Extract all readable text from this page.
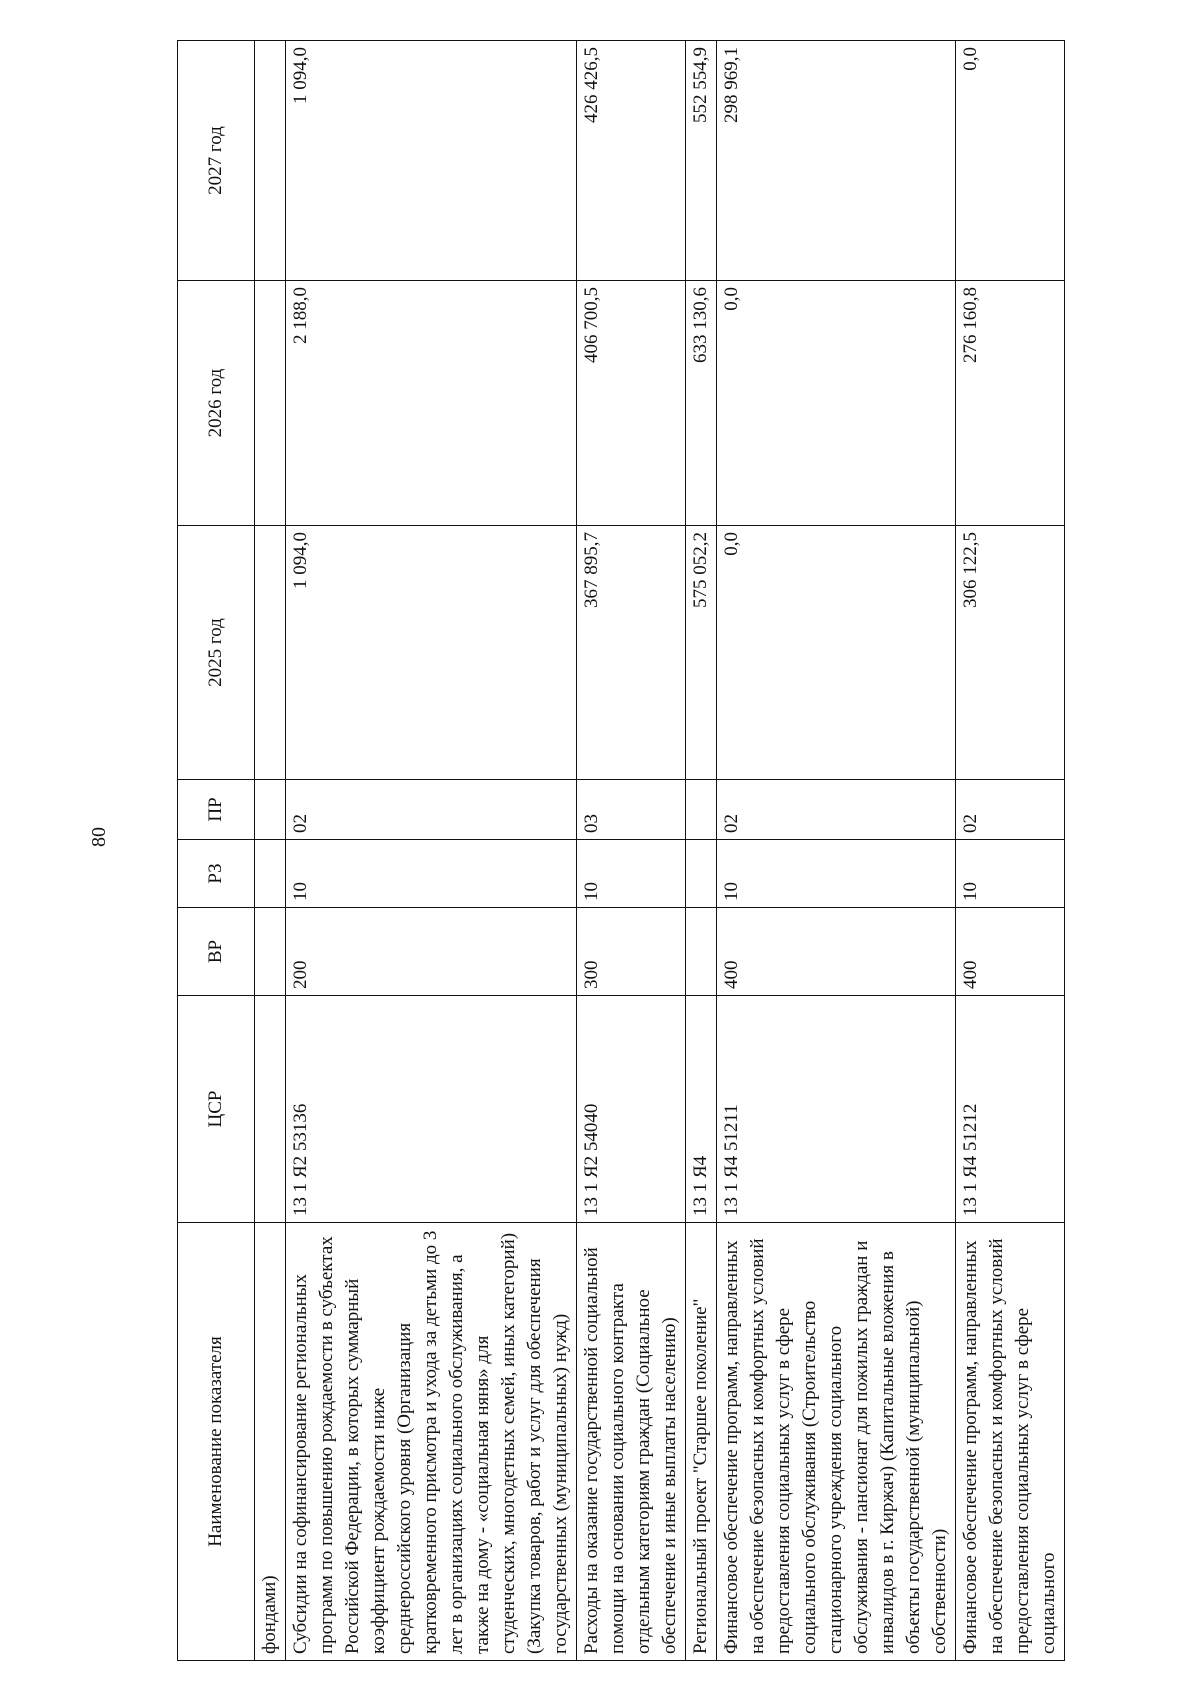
80
Наименование показателя	ЦСР	ВР	РЗ	ПР	2025 год	2026 год	2027 год
фондами)							
Субсидии на софинансирование региональных программ по повышению рождаемости в субъектах Российской Федерации, в которых суммарный коэффициент рождаемости ниже среднероссийского уровня (Организация кратковременного присмотра и ухода за детьми до 3 лет в организациях социального обслуживания, а также на дому - «социальная няня» для студенческих, многодетных семей, иных категорий) (Закупка товаров, работ и услуг для обеспечения государственных (муниципальных) нужд)	13 1 Я2 53136	200	10	02	1 094,0	2 188,0	1 094,0
Расходы на оказание государственной социальной помощи на основании социального контракта отдельным категориям граждан (Социальное обеспечение и иные выплаты населению)	13 1 Я2 54040	300	10	03	367 895,7	406 700,5	426 426,5
Региональный проект "Старшее поколение"	13 1 Я4				575 052,2	633 130,6	552 554,9
Финансовое обеспечение программ, направленных на обеспечение безопасных и комфортных условий предоставления социальных услуг в сфере социального обслуживания (Строительство стационарного учреждения социального обслуживания - пансионат для пожилых граждан и инвалидов в г. Киржач) (Капитальные вложения в объекты государственной (муниципальной) собственности)	13 1 Я4 51211	400	10	02	0,0	0,0	298 969,1
Финансовое обеспечение программ, направленных на обеспечение безопасных и комфортных условий предоставления социальных услуг в сфере социального	13 1 Я4 51212	400	10	02	306 122,5	276 160,8	0,0
